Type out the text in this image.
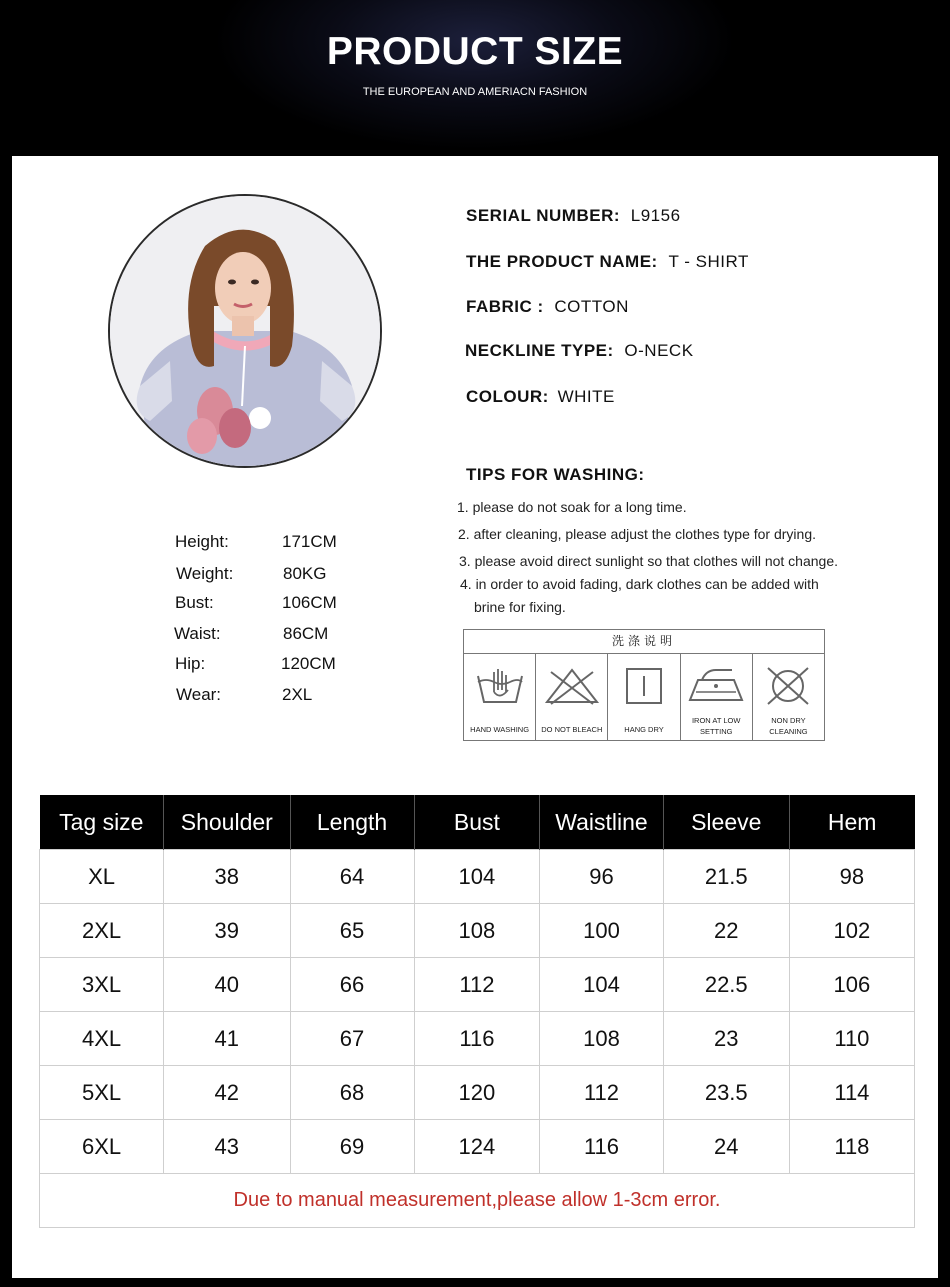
PRODUCT SIZE
THE EUROPEAN AND AMERIACN FASHION
SERIAL NUMBER: L9156
THE PRODUCT NAME: T - SHIRT
FABRIC : COTTON
NECKLINE TYPE: O-NECK
COLOUR: WHITE
TIPS FOR WASHING:
1. please do not soak for a long time.
2. after cleaning, please adjust the clothes type for drying.
3. please avoid direct sunlight so that clothes will not change.
4. in order to avoid fading, dark clothes can be added with
brine for fixing.
Height:	171CM
Weight:	80KG
Bust:	106CM
Waist:	86CM
Hip:	120CM
Wear:	2XL
洗涤说明
HAND WASHING	DO NOT BLEACH	HANG DRY
IRON AT LOW
SETTING
NON DRY
CLEANING
Tag size	Shoulder	Length	Bust	Waistline	Sleeve	Hem
XL	38	64	104	96	21.5	98
2XL	39	65	108	100	22	102
3XL	40	66	112	104	22.5	106
4XL	41	67	116	108	23	110
5XL	42	68	120	112	23.5	114
6XL	43	69	124	116	24	118
Due to manual measurement,please allow 1-3cm error.						
